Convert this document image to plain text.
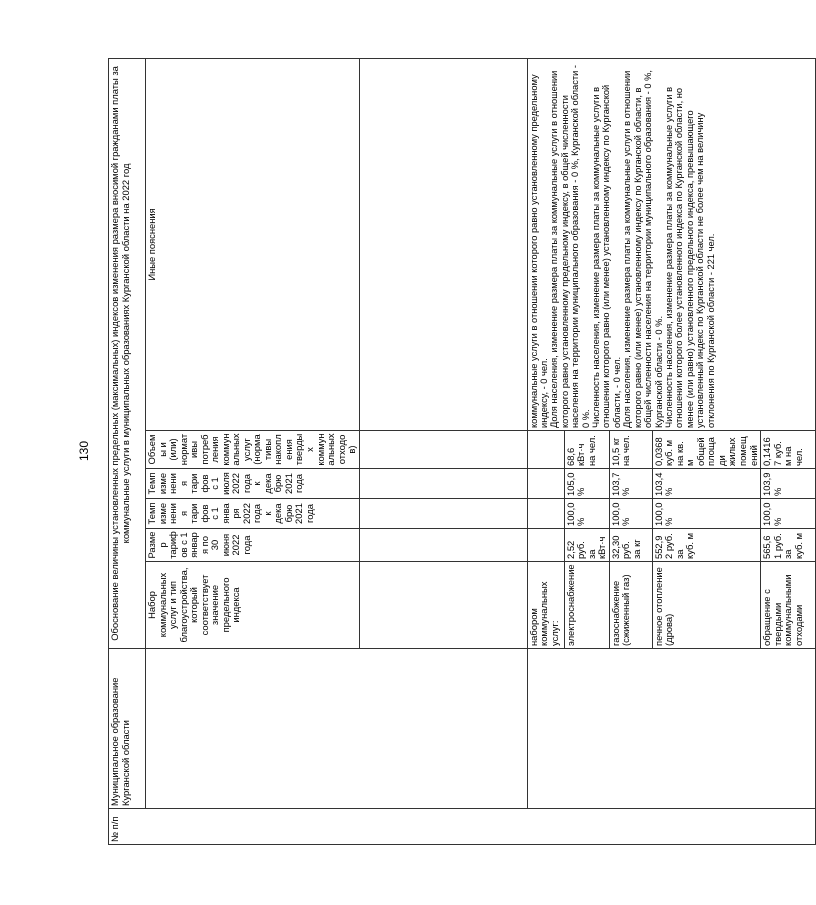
130
№ п/п	Муниципальное образование Курганской области	Обоснование величины установленных предельных (максимальных) индексов изменения размера вносимой гражданами платы за коммунальные услуги в муниципальных образованиях Курганской области на 2022 год					
		Набор коммунальных услуг и тип благоустройства, который соответствует значение предельного индекса	Размер тарифов с 1 января по 30 июня 2022 года	Темп изменения тарифов с 1 января 2022 года к декабрю 2021 года	Темп изменения тарифов с 1 июля 2022 года к декабрю 2021 года	Объемы и (или) нормативы потребления коммунальных услуг (нормативы накопления твердых коммунальных отходов)	Иные пояснения

		набором коммунальных услуг:					коммунальные услуги в отношении которого равно установленному предельному индексу, - 0 чел. Доля населения, изменение размера платы за коммунальные услуги в отношении которого равно установленному предельному индексу, в общей численности населения на территории муниципального образования - 0 %, Курганской области - 0 %. Численность населения, изменение размера платы за коммунальные услуги в отношении которого равно (или менее) установленному индексу по Курганской области, - 0 чел. Доля населения, изменение размера платы за коммунальные услуги в отношении которого равно (или менее) установленному индексу по Курганской области, в общей численности населения на территории муниципального образования - 0 %, Курганской области - 0 %. Численность населения, изменение размера платы за коммунальные услуги в отношении которого более установленного индекса по Курганской области, но менее (или равно) установленного предельного индекса, превышающего установленный индекс по Курганской области не более чем на величину отклонения по Курганской области - 221 чел.

		электроснабжение	2,52 руб. за кВт·ч	100,0 %	105,0 %	68,6 кВт·ч на чел.	
		газоснабжение (сжиженный газ)	32,30 руб. за кг	100,0 %	103,7 %	10,5 кг на чел.	
		печное отопление (дрова)	552,92 руб. за куб. м	100,0 %	103,4 %	0,0368 куб. м на кв. м общей площади жилых помещений	
		обращение с твердыми коммунальными отходами	565,61 руб. за куб. м	100,0 %	103,9 %	0,14167 куб. м на чел.	
